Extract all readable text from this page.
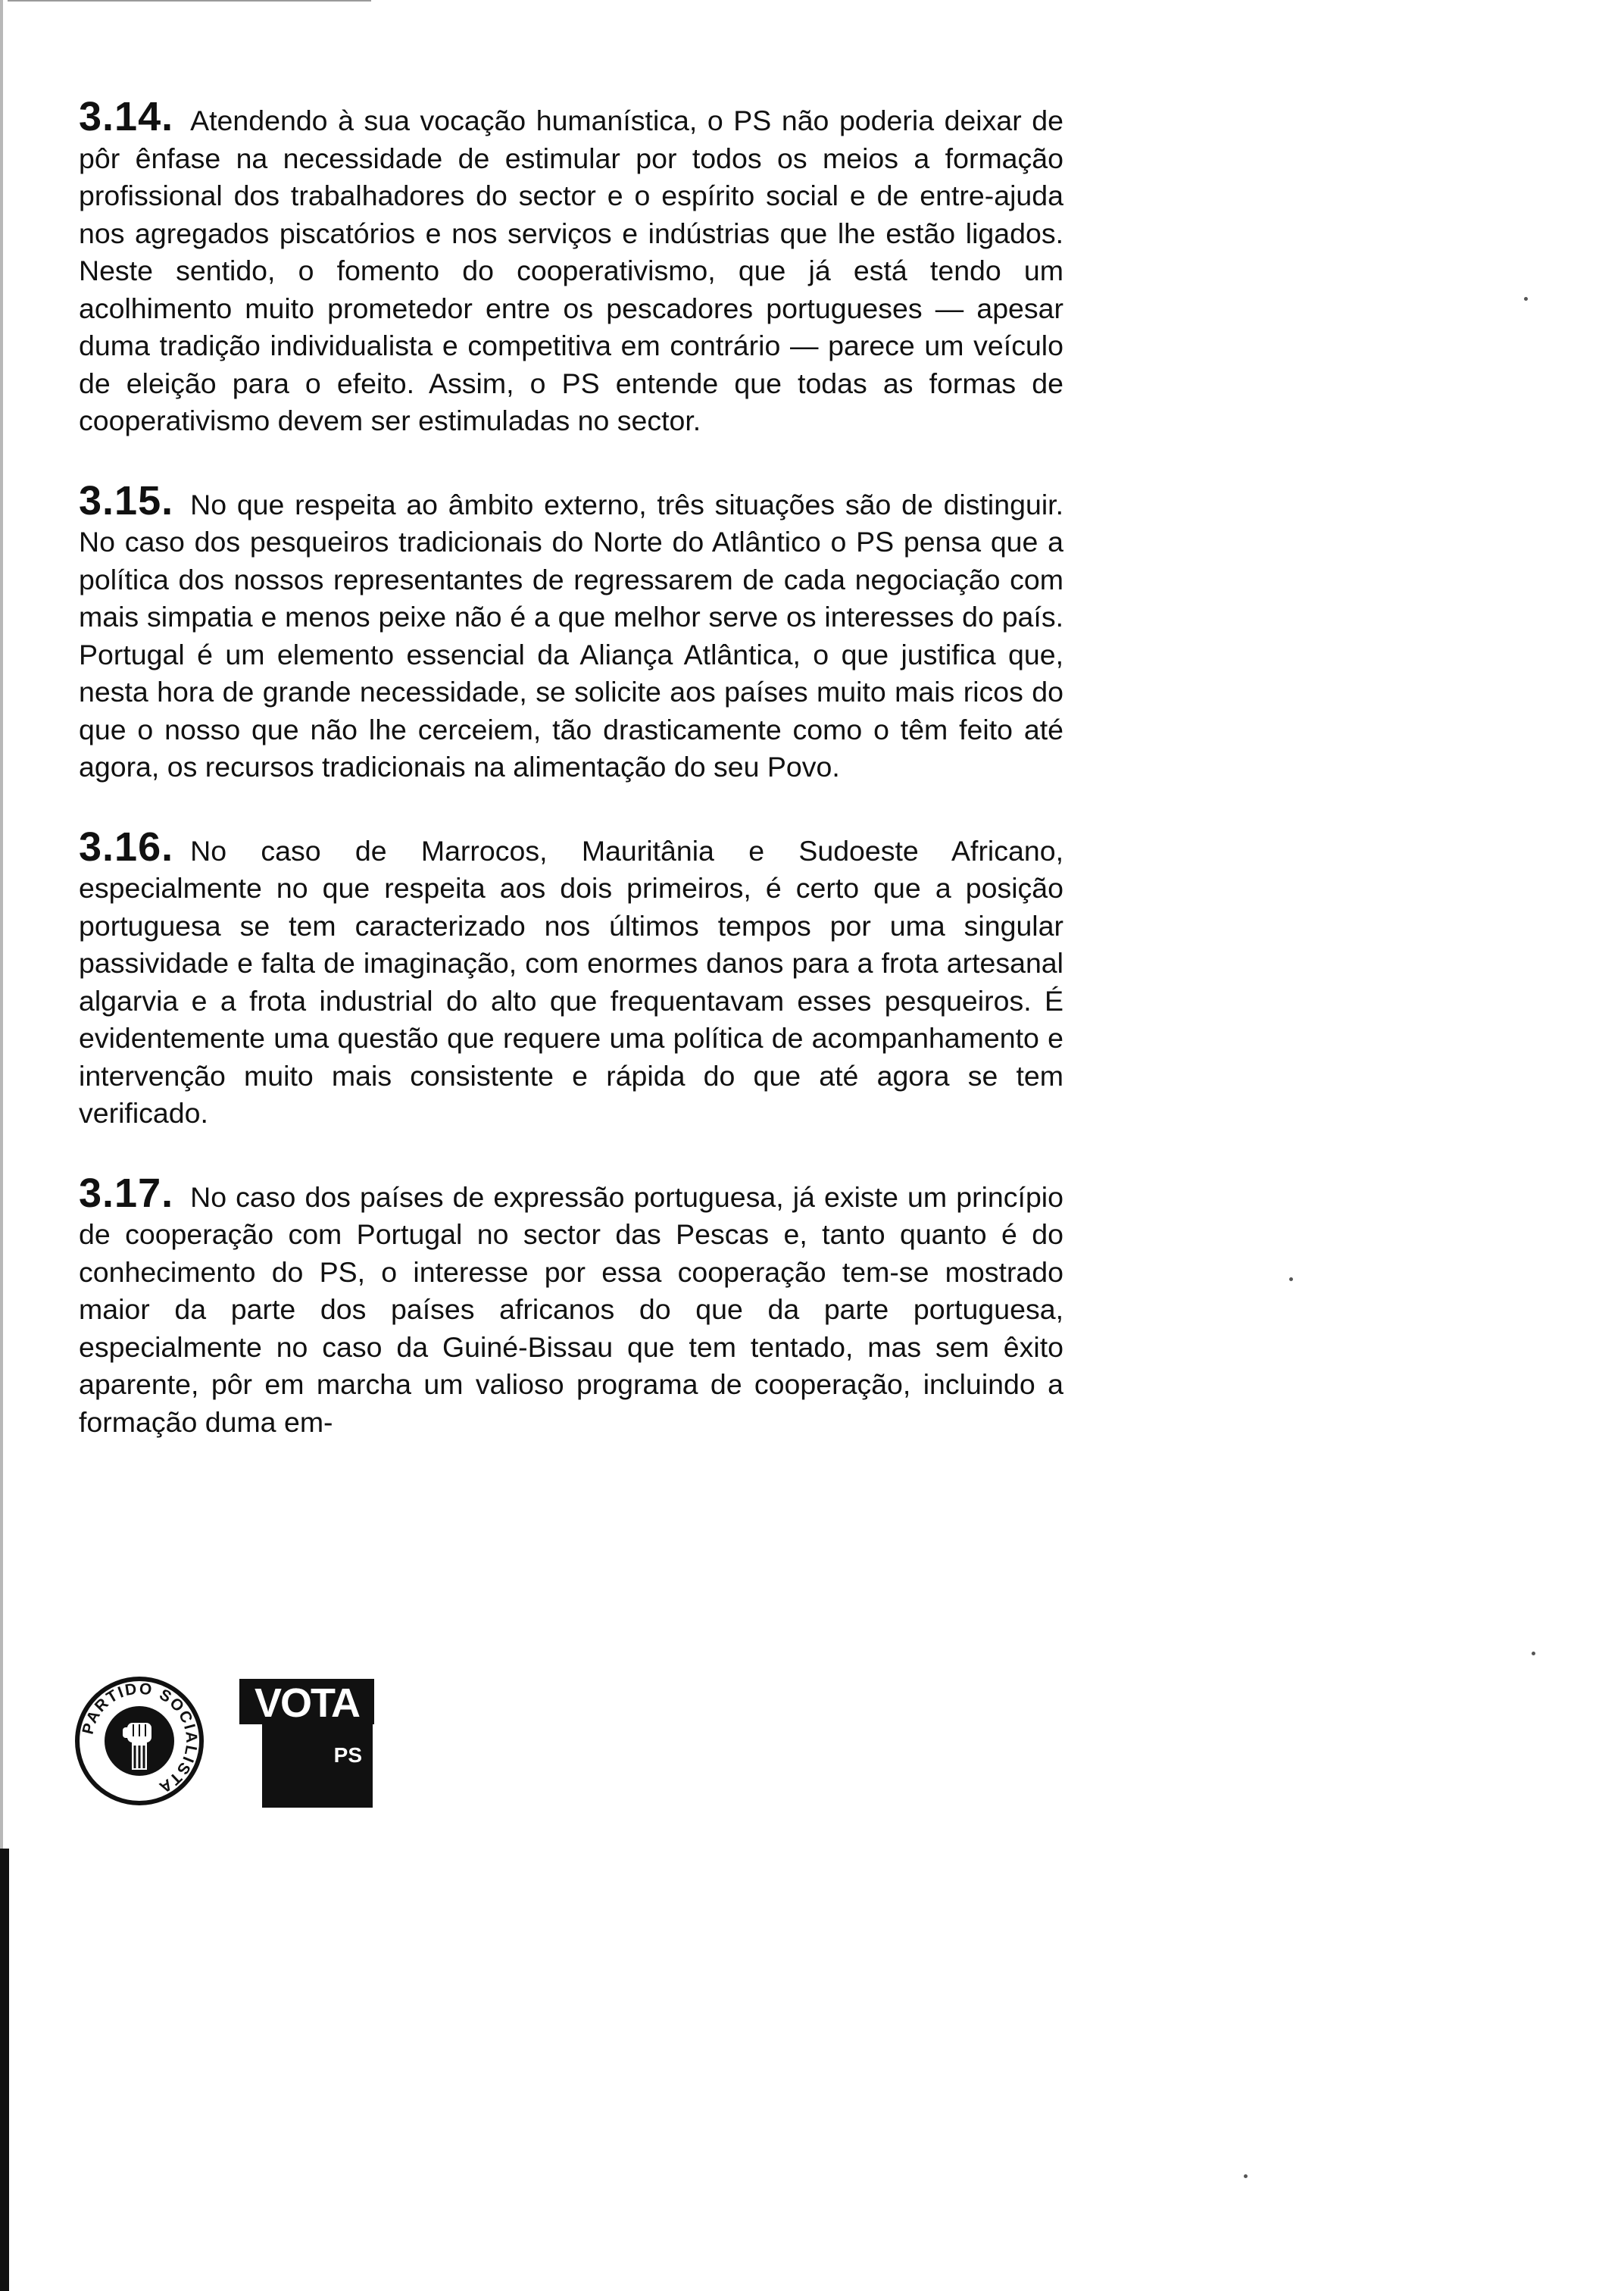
3.14. Atendendo à sua vocação humanística, o PS não poderia deixar de pôr ênfase na necessidade de estimular por todos os meios a formação profissional dos trabalhadores do sector e o espírito social e de entre-ajuda nos agregados piscatórios e nos serviços e indústrias que lhe estão ligados. Neste sentido, o fomento do cooperativismo, que já está tendo um acolhimento muito prometedor entre os pescadores portugueses — apesar duma tradição individualista e competitiva em contrário — parece um veículo de eleição para o efeito. Assim, o PS entende que todas as formas de cooperativismo devem ser estimuladas no sector.

3.15. No que respeita ao âmbito externo, três situações são de distinguir. No caso dos pesqueiros tradicionais do Norte do Atlântico o PS pensa que a política dos nossos representantes de regressarem de cada negociação com mais simpatia e menos peixe não é a que melhor serve os interesses do país. Portugal é um elemento essencial da Aliança Atlântica, o que justifica que, nesta hora de grande necessidade, se solicite aos países muito mais ricos do que o nosso que não lhe cerceiem, tão drasticamente como o têm feito até agora, os recursos tradicionais na alimentação do seu Povo.

3.16. No caso de Marrocos, Mauritânia e Sudoeste Africano, especialmente no que respeita aos dois primeiros, é certo que a posição portuguesa se tem caracterizado nos últimos tempos por uma singular passividade e falta de imaginação, com enormes danos para a frota artesanal algarvia e a frota industrial do alto que frequentavam esses pesqueiros. É evidentemente uma questão que requere uma política de acompanhamento e intervenção muito mais consistente e rápida do que até agora se tem verificado.

3.17. No caso dos países de expressão portuguesa, já existe um princípio de cooperação com Portugal no sector das Pescas e, tanto quanto é do conhecimento do PS, o interesse por essa cooperação tem-se mostrado maior da parte dos países africanos do que da parte portuguesa, especialmente no caso da Guiné-Bissau que tem tentado, mas sem êxito aparente, pôr em marcha um valioso programa de cooperação, incluindo a formação duma em-

PARTIDO SOCIALISTA
VOTA
PS
